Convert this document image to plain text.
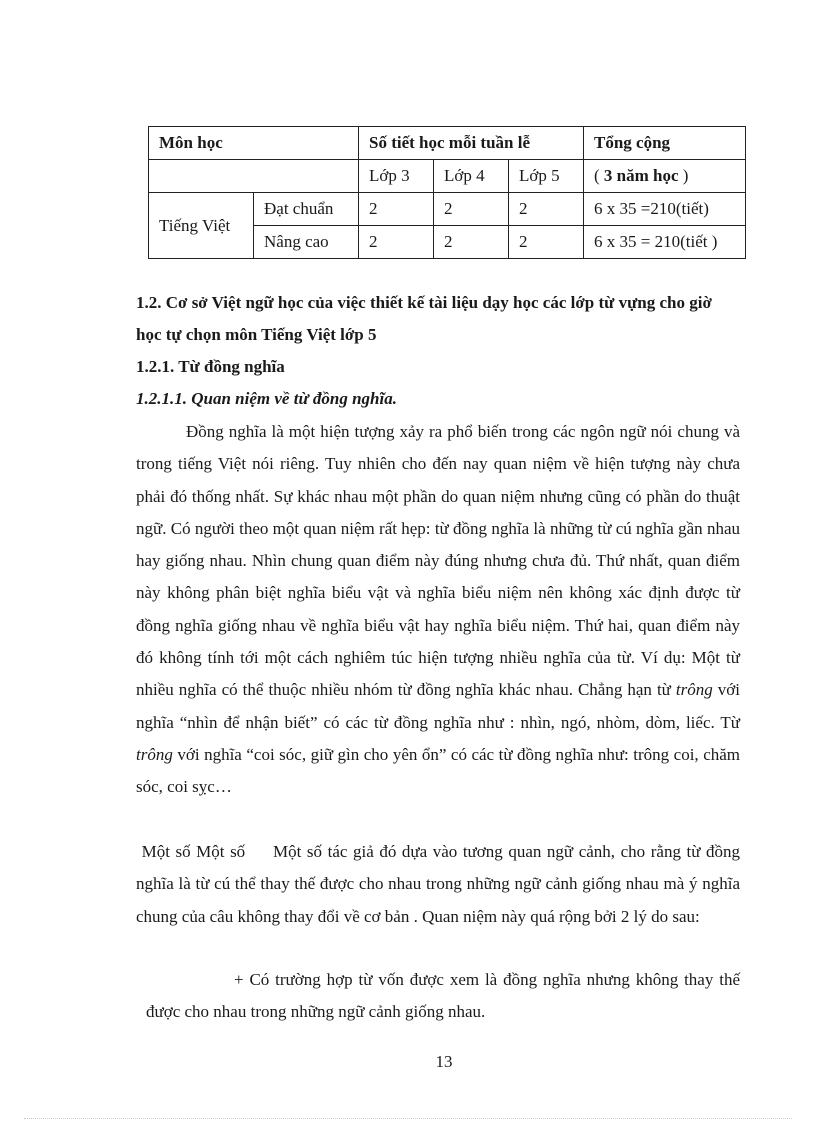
Môn học		Số tiết học mỗi tuần lễ			Tổng cộng
		Lớp 3	Lớp 4	Lớp 5	( 3 năm học )
Tiếng Việt	Đạt chuẩn	2	2	2	6 x 35 =210(tiết)
	Nâng cao	2	2	2	6 x 35 = 210(tiết )
1.2. Cơ sở Việt ngữ học của việc thiết kế tài liệu dạy học các lớp từ vựng cho giờ học tự chọn môn Tiếng Việt lớp 5
1.2.1. Từ đồng nghĩa
1.2.1.1. Quan niệm về từ đồng nghĩa.

Đồng nghĩa là một hiện tượng xảy ra phổ biến trong các ngôn ngữ nói chung và trong tiếng Việt nói riêng. Tuy nhiên cho đến nay quan niệm về hiện tượng này chưa phải đó thống nhất. Sự khác nhau một phần do quan niệm nhưng cũng có phần do thuật ngữ. Có người theo một quan niệm rất hẹp: từ đồng nghĩa là những từ cú nghĩa gần nhau hay giống nhau. Nhìn chung quan điểm này đúng nhưng chưa đủ. Thứ nhất, quan điểm này không phân biệt nghĩa biểu vật và nghĩa biểu niệm nên không xác định được từ đồng nghĩa giống nhau về nghĩa biểu vật hay nghĩa biểu niệm. Thứ hai, quan điểm này đó không tính tới một cách nghiêm túc hiện tượng nhiều nghĩa của từ. Ví dụ: Một từ nhiều nghĩa có thể thuộc nhiều nhóm từ đồng nghĩa khác nhau. Chẳng hạn từ trông với nghĩa “nhìn để nhận biết” có các từ đồng nghĩa như : nhìn, ngó, nhòm, dòm, liếc. Từ trông với nghĩa “coi sóc, giữ gìn cho yên ổn” có các từ đồng nghĩa như: trông coi, chăm sóc, coi sỵc…

Một số Một số     Một số tác giả đó dựa vào tương quan ngữ cảnh, cho rằng từ đồng nghĩa là từ cú thể thay thế được cho nhau trong những ngữ cảnh giống nhau mà ý nghĩa chung của câu không thay đổi về cơ bản . Quan niệm này quá rộng bởi 2 lý do sau:

+ Có trường hợp từ vốn được xem là đồng nghĩa nhưng không thay thế được cho nhau trong những ngữ cảnh giống nhau.

13
